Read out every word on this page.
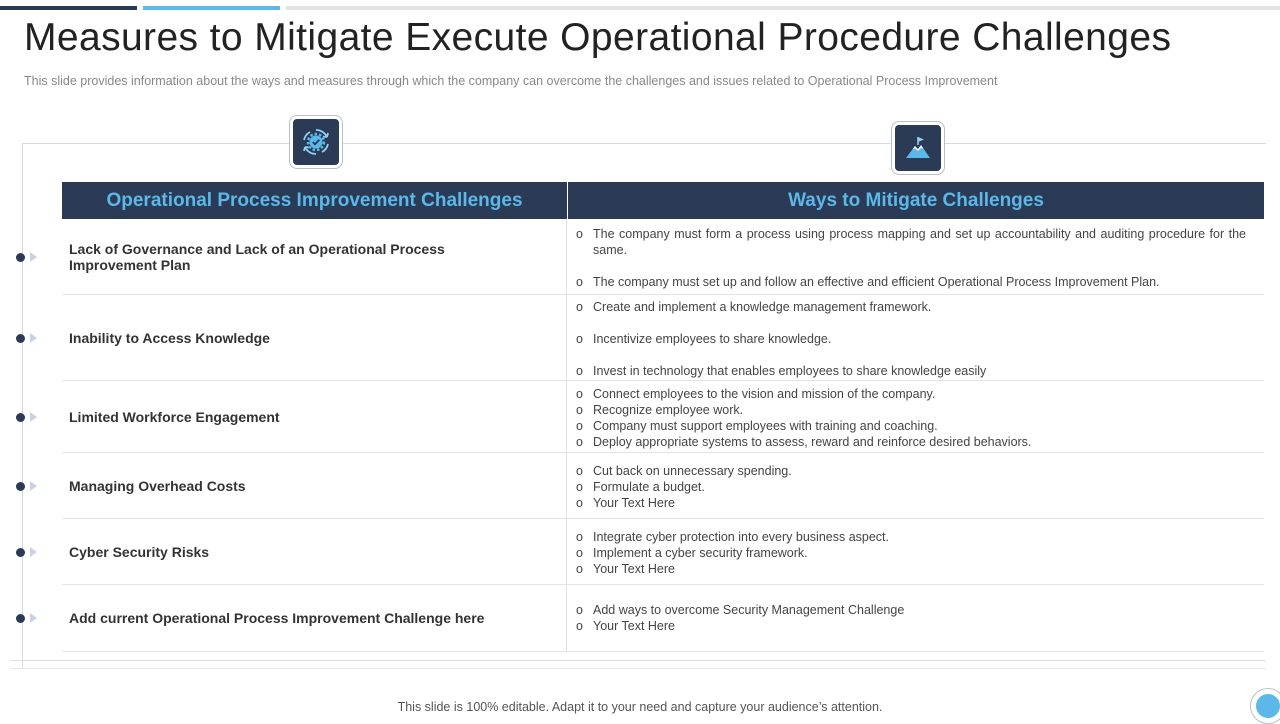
Measures to Mitigate Execute Operational Procedure Challenges

This slide provides information about the ways and measures through which the company can overcome the challenges and issues related to Operational Process Improvement

Operational Process Improvement Challenges	Ways to Mitigate Challenges
Lack of Governance and Lack of an Operational Process Improvement Plan
o The company must form a process using process mapping and set up accountability and auditing procedure for the same.
o The company must set up and follow an effective and efficient Operational Process Improvement Plan.
Inability to Access Knowledge
o Create and implement a knowledge management framework.
o Incentivize employees to share knowledge.
o Invest in technology that enables employees to share knowledge easily
Limited Workforce Engagement
o Connect employees to the vision and mission of the company.
o Recognize employee work.
o Company must support employees with training and coaching.
o Deploy appropriate systems to assess, reward and reinforce desired behaviors.
Managing Overhead Costs
o Cut back on unnecessary spending.
o Formulate a budget.
o Your Text Here
Cyber Security Risks
o Integrate cyber protection into every business aspect.
o Implement a cyber security framework.
o Your Text Here
Add current Operational Process Improvement Challenge here	o Add ways to overcome Security Management Challenge
o Your Text Here
This slide is 100% editable. Adapt it to your need and capture your audience’s attention.
